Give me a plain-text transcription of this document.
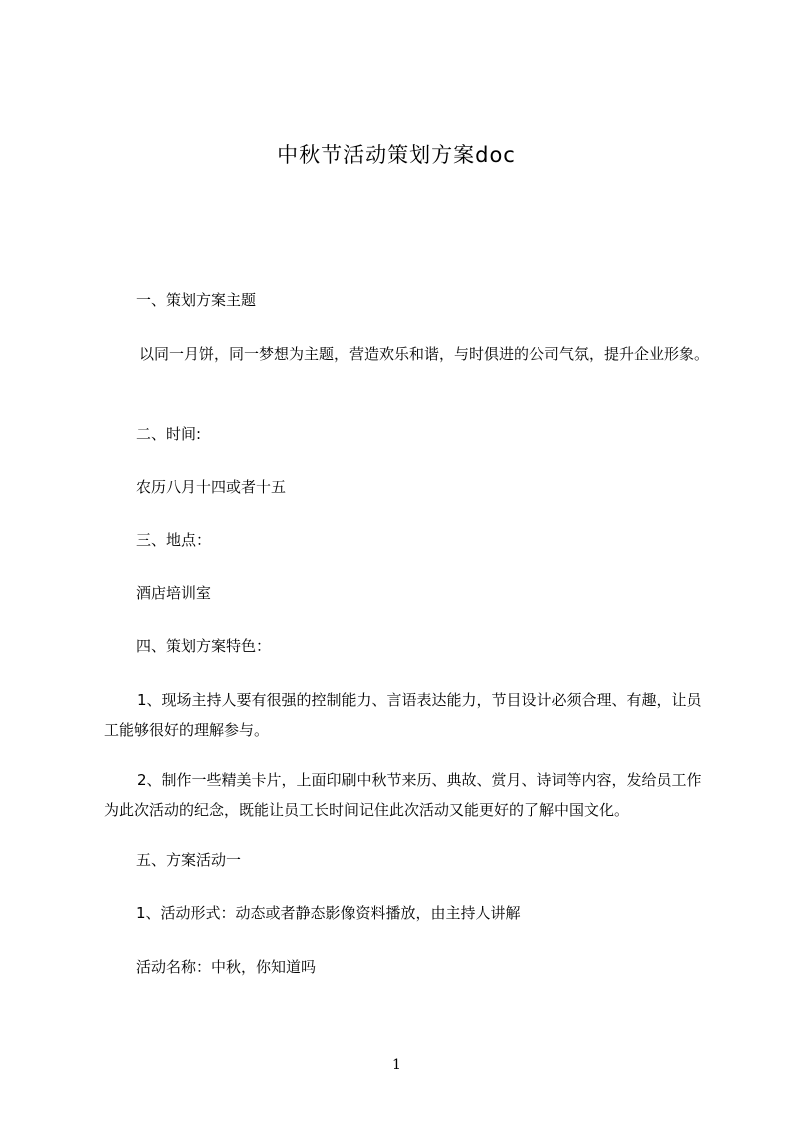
中秋节活动策划方案doc

一、策划方案主题

以同一月饼，同一梦想为主题，营造欢乐和谐，与时俱进的公司气氛，提升企业形象。

二、时间:

农历八月十四或者十五

三、地点：

酒店培训室

四、策划方案特色：

1、现场主持人要有很强的控制能力、言语表达能力，节目设计必须合理、有趣，让员工能够很好的理解参与。

2、制作一些精美卡片，上面印刷中秋节来历、典故、赏月、诗词等内容，发给员工作为此次活动的纪念，既能让员工长时间记住此次活动又能更好的了解中国文化。

五、方案活动一

1、活动形式：动态或者静态影像资料播放，由主持人讲解

活动名称：中秋，你知道吗

1
